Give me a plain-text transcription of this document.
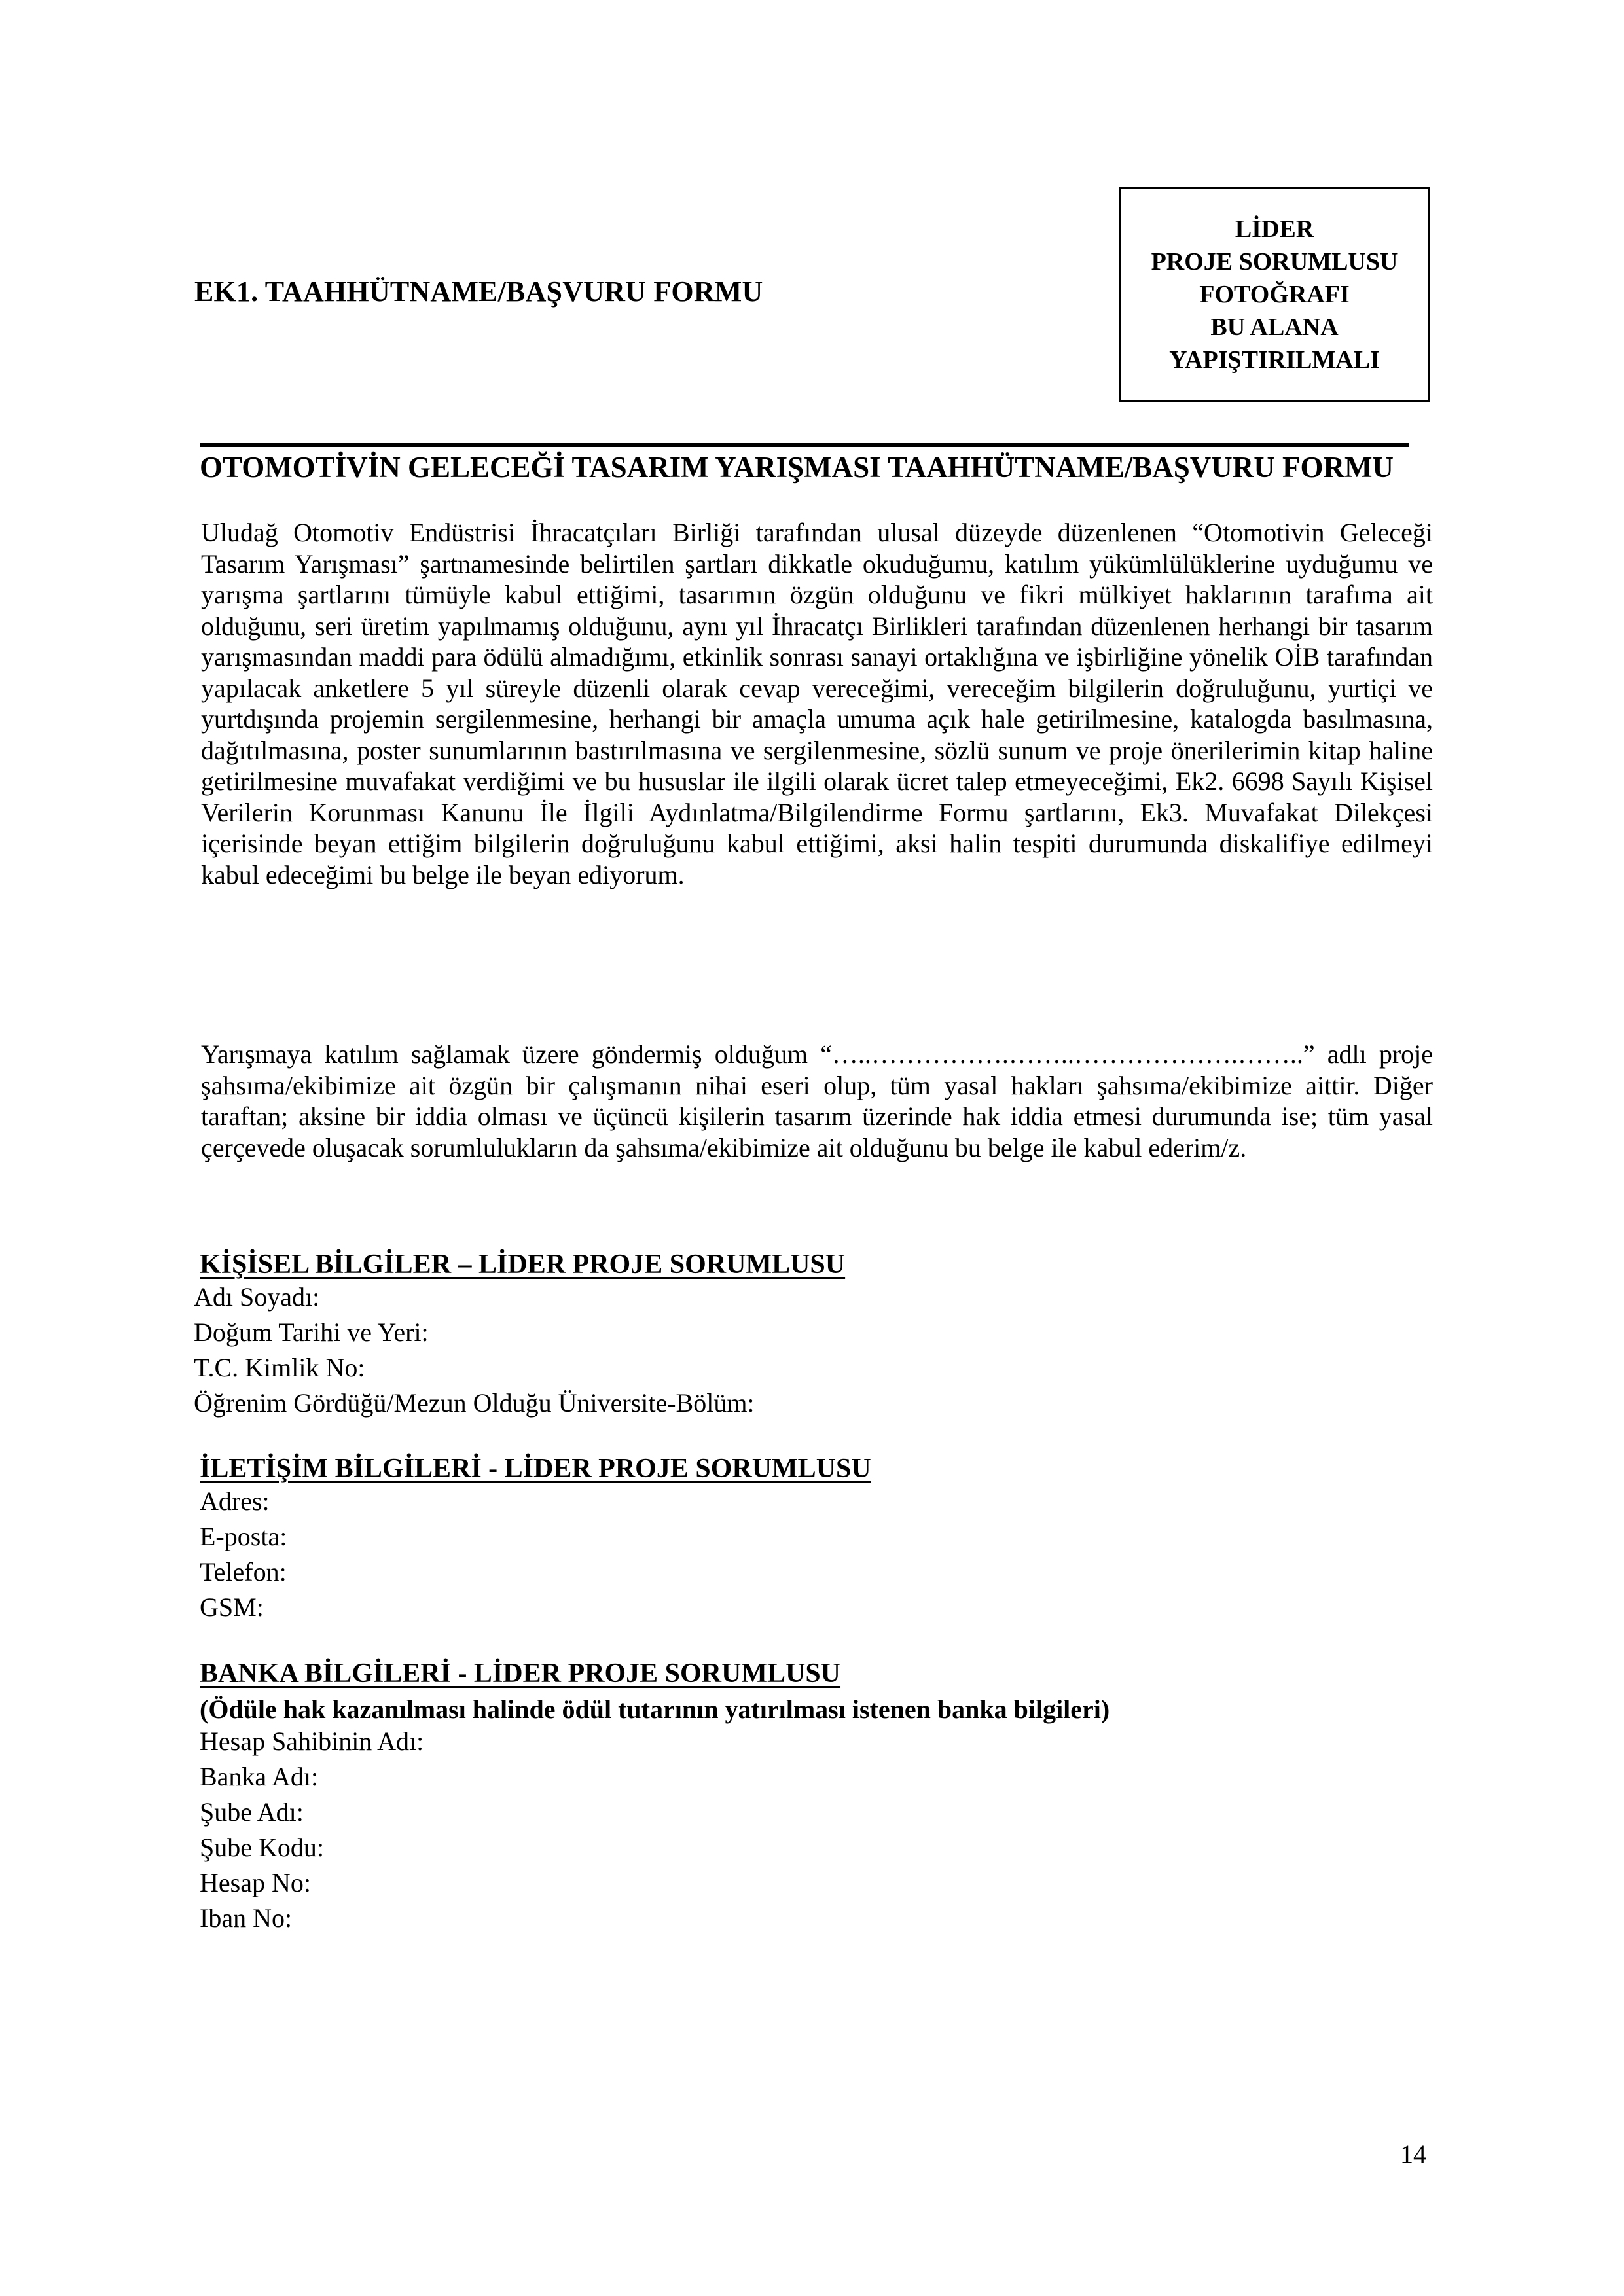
EK1. TAAHHÜTNAME/BAŞVURU FORMU
LİDER
PROJE SORUMLUSU
FOTOĞRAFI
BU ALANA
YAPIŞTIRILMALI
OTOMOTİVİN GELECEĞİ TASARIM YARIŞMASI TAAHHÜTNAME/BAŞVURU FORMU

Uludağ Otomotiv Endüstrisi İhracatçıları Birliği tarafından ulusal düzeyde düzenlenen “Otomotivin Geleceği Tasarım Yarışması” şartnamesinde belirtilen şartları dikkatle okuduğumu, katılım yükümlülüklerine uyduğumu ve yarışma şartlarını tümüyle kabul ettiğimi, tasarımın özgün olduğunu ve fikri mülkiyet haklarının tarafıma ait olduğunu, seri üretim yapılmamış olduğunu, aynı yıl İhracatçı Birlikleri tarafından düzenlenen herhangi bir tasarım yarışmasından maddi para ödülü almadığımı, etkinlik sonrası sanayi ortaklığına ve işbirliğine yönelik OİB tarafından yapılacak anketlere 5 yıl süreyle düzenli olarak cevap vereceğimi, vereceğim bilgilerin doğruluğunu, yurtiçi ve yurtdışında projemin sergilenmesine, herhangi bir amaçla umuma açık hale getirilmesine, katalogda basılmasına, dağıtılmasına, poster sunumlarının bastırılmasına ve sergilenmesine, sözlü sunum ve proje önerilerimin kitap haline getirilmesine muvafakat verdiğimi ve bu hususlar ile ilgili olarak ücret talep etmeyeceğimi, Ek2. 6698 Sayılı Kişisel Verilerin Korunması Kanunu İle İlgili Aydınlatma/Bilgilendirme Formu şartlarını, Ek3. Muvafakat Dilekçesi içerisinde beyan ettiğim bilgilerin doğruluğunu kabul ettiğimi, aksi halin tespiti durumunda diskalifiye edilmeyi kabul edeceğimi bu belge ile beyan ediyorum.

Yarışmaya katılım sağlamak üzere göndermiş olduğum “…..…………….……..……………….……..” adlı proje şahsıma/ekibimize ait özgün bir çalışmanın nihai eseri olup, tüm yasal hakları şahsıma/ekibimize aittir. Diğer taraftan; aksine bir iddia olması ve üçüncü kişilerin tasarım üzerinde hak iddia etmesi durumunda ise; tüm yasal çerçevede oluşacak sorumlulukların da şahsıma/ekibimize ait olduğunu bu belge ile kabul ederim/z.

KİŞİSEL BİLGİLER – LİDER PROJE SORUMLUSU
Adı Soyadı:
Doğum Tarihi ve Yeri:
T.C. Kimlik No:
Öğrenim Gördüğü/Mezun Olduğu Üniversite-Bölüm:
İLETİŞİM BİLGİLERİ - LİDER PROJE SORUMLUSU
Adres:
E-posta:
Telefon:
GSM:
BANKA BİLGİLERİ - LİDER PROJE SORUMLUSU
(Ödüle hak kazanılması halinde ödül tutarının yatırılması istenen banka bilgileri)
Hesap Sahibinin Adı:
Banka Adı:
Şube Adı:
Şube Kodu:
Hesap No:
Iban No:
14
